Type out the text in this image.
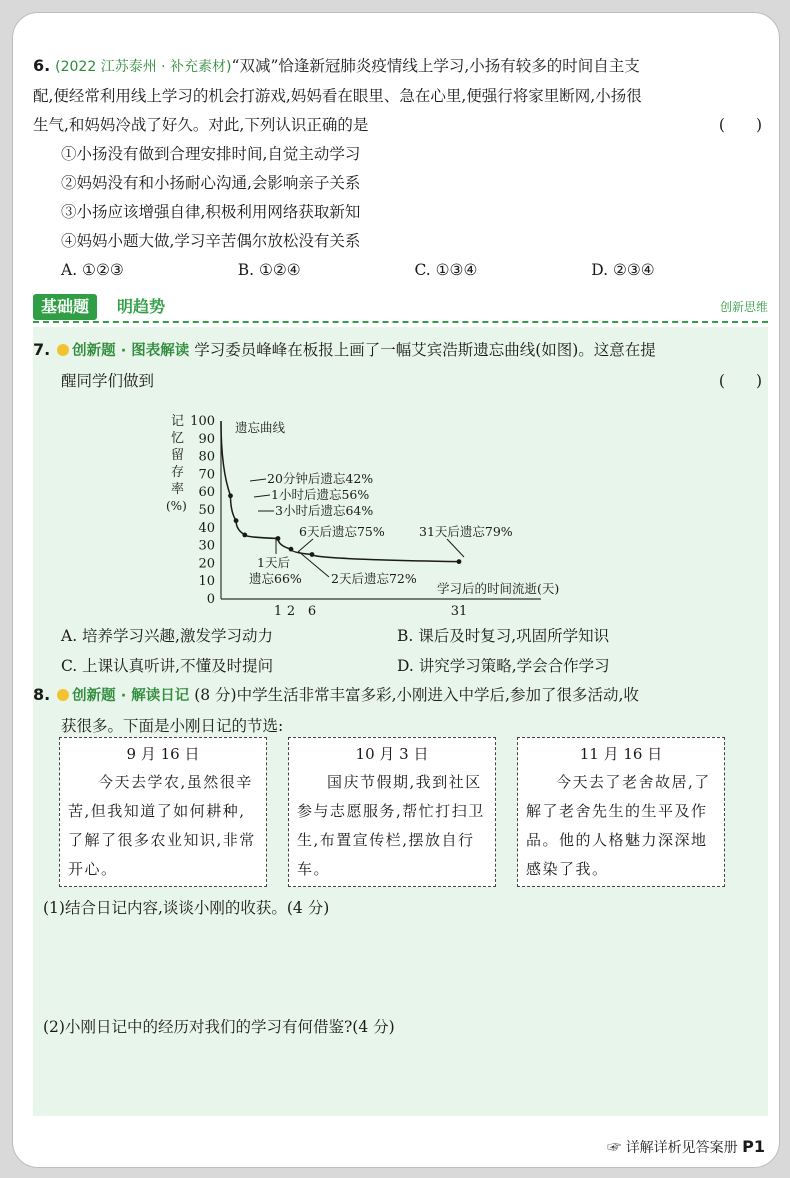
6. (2022 江苏泰州 · 补充素材)“双减”恰逢新冠肺炎疫情线上学习,小扬有较多的时间自主支
配,便经常利用线上学习的机会打游戏,妈妈看在眼里、急在心里,便强行将家里断网,小扬很
生气,和妈妈冷战了好久。对此,下列认识正确的是	(　　)
①小扬没有做到合理安排时间,自觉主动学习
②妈妈没有和小扬耐心沟通,会影响亲子关系
③小扬应该增强自律,积极利用网络获取新知
④妈妈小题大做,学习辛苦偶尔放松没有关系
A. ①②③	B. ①②④	C. ①③④	D. ②③④
基础题	明趋势	创新思维
7. 创新题 · 图表解读 学习委员峰峰在板报上画了一幅艾宾浩斯遗忘曲线(如图)。这意在提
醒同学们做到	(　　)
记
忆
留
存
率
(%)
0
10
20
30
40
50
60
70
80
90
100
1 2 6	31
遗忘曲线
20分钟后遗忘42%
1小时后遗忘56%
3小时后遗忘64%
6天后遗忘75%	31天后遗忘79%
1天后
遗忘66% 2天后遗忘72%
学习后的时间流逝(天)
A. 培养学习兴趣,激发学习动力	B. 课后及时复习,巩固所学知识
C. 上课认真听讲,不懂及时提问	D. 讲究学习策略,学会合作学习
8. 创新题 · 解读日记 (8 分)中学生活非常丰富多彩,小刚进入中学后,参加了很多活动,收
获很多。下面是小刚日记的节选:
9 月 16 日
今天去学农,虽然很辛苦,但我知道了如何耕种,了解了很多农业知识,非常开心。
10 月 3 日
国庆节假期,我到社区参与志愿服务,帮忙打扫卫生,布置宣传栏,摆放自行车。
11 月 16 日
今天去了老舍故居,了解了老舍先生的生平及作品。他的人格魅力深深地感染了我。
(1)结合日记内容,谈谈小刚的收获。(4 分)
(2)小刚日记中的经历对我们的学习有何借鉴?(4 分)
☞ 详解详析见答案册 P1
